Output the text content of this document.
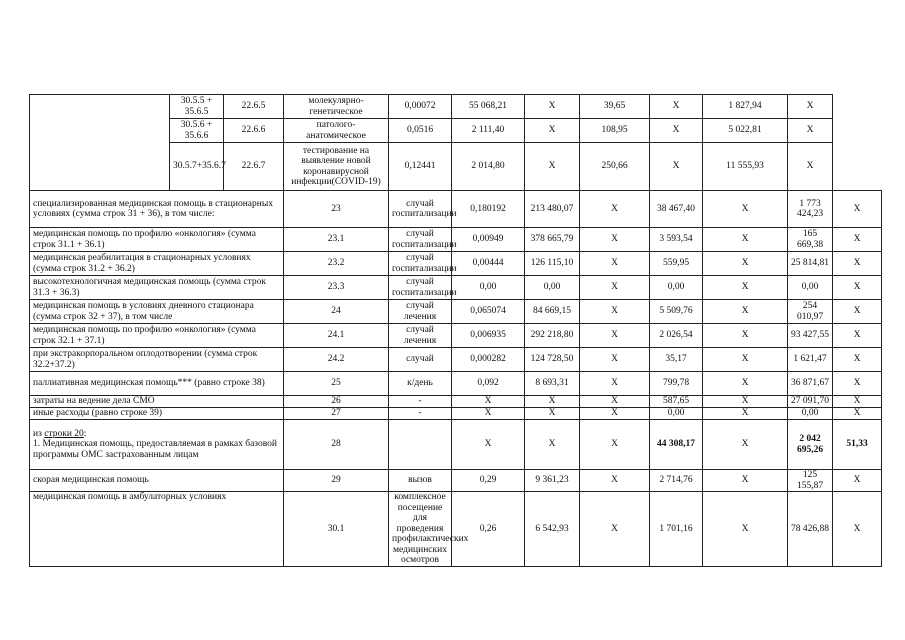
	30.5.5 + 35.6.5	22.6.5	молекулярно-генетическое	0,00072	55 068,21	X	39,65	X	1 827,94	X	
	30.5.6 + 35.6.6	22.6.6	патолого-анатомическое	0,0516	2 111,40	X	108,95	X	5 022,81	X	
	30.5.7+35.6.7	22.6.7	тестирование на выявление новой коронавирусной инфекции(COVID-19)	0,12441	2 014,80	X	250,66	X	11 555,93	X	
специализированная медицинская помощь в стационарных условиях (сумма строк 31 + 36), в том числе:			23	случай госпитализации	0,180192	213 480,07	X	38 467,40	X	1 773 424,23	X
медицинская помощь по профилю «онкология» (сумма строк 31.1 + 36.1)			23.1	случай госпитализации	0,00949	378 665,79	X	3 593,54	X	165 669,38	X
медицинская реабилитация в стационарных условиях (сумма строк 31.2 + 36.2)			23.2	случай госпитализации	0,00444	126 115,10	X	559,95	X	25 814,81	X
высокотехнологичная медицинская помощь (сумма строк 31.3 + 36.3)			23.3	случай госпитализации	0,00	0,00	X	0,00	X	0,00	X
медицинская помощь в условиях дневного стационара (сумма строк 32 + 37), в том числе			24	случай лечения	0,065074	84 669,15	X	5 509,76	X	254 010,97	X
медицинская помощь по профилю «онкология» (сумма строк 32.1 + 37.1)			24.1	случай лечения	0,006935	292 218,80	X	2 026,54	X	93 427,55	X
при экстракорпоральном оплодотворении (сумма строк 32.2+37.2)			24.2	случай	0,000282	124 728,50	X	35,17	X	1 621,47	X
паллиативная медицинская помощь*** (равно строке 38)			25	к/день	0,092	8 693,31	X	799,78	X	36 871,67	X
затраты на ведение дела СМО			26	-	X	X	X	587,65	X	27 091,70	X
иные расходы (равно строке 39)			27	-	X	X	X	0,00	X	0,00	X
из строки 20:
1. Медицинская помощь, предоставляемая в рамках базовой программы ОМС застрахованным лицам			28		X	X	X	44 308,17	X	2 042 695,26	51,33
скорая медицинская помощь			29	вызов	0,29	9 361,23	X	2 714,76	X	125 155,87	X
медицинская помощь в амбулаторных условиях			30.1	комплексное посещение для проведения профилактических медицинских осмотров	0,26	6 542,93	X	1 701,16	X	78 426,88	X
